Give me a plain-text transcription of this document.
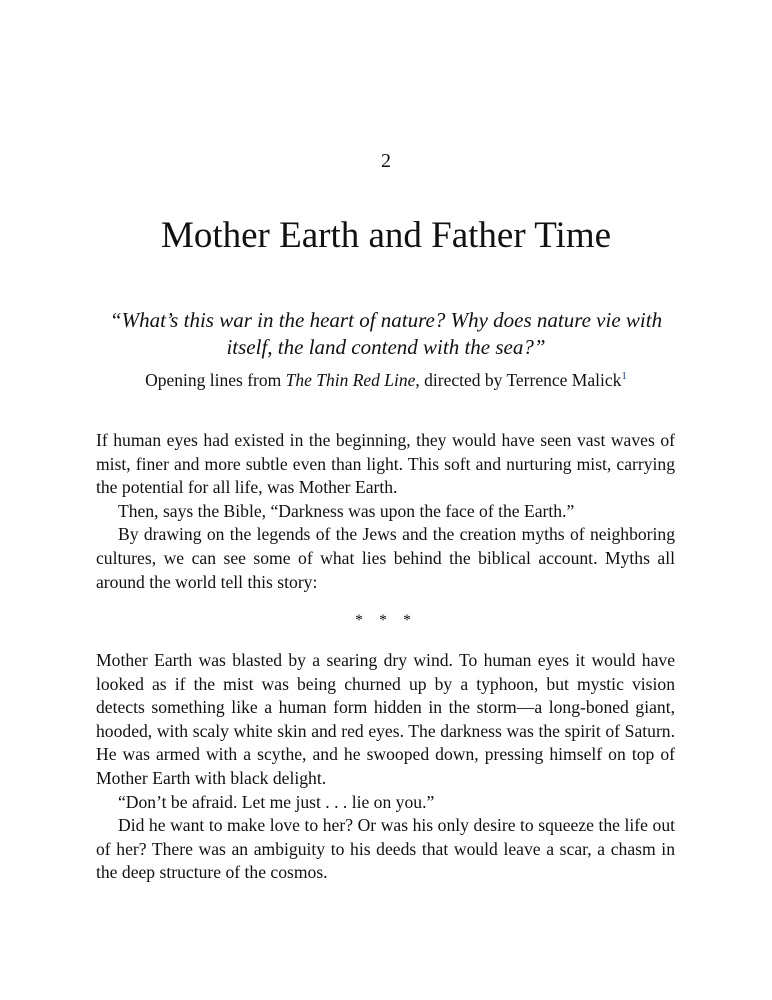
2
Mother Earth and Father Time
“What’s this war in the heart of nature? Why does nature vie with itself, the land contend with the sea?”
Opening lines from The Thin Red Line, directed by Terrence Malick$^1$

If human eyes had existed in the beginning, they would have seen vast waves of mist, finer and more subtle even than light. This soft and nurturing mist, carrying the potential for all life, was Mother Earth.

Then, says the Bible, “Darkness was upon the face of the Earth.”

By drawing on the legends of the Jews and the creation myths of neighboring cultures, we can see some of what lies behind the biblical account. Myths all around the world tell this story:

* * *

Mother Earth was blasted by a searing dry wind. To human eyes it would have looked as if the mist was being churned up by a typhoon, but mystic vision detects something like a human form hidden in the storm—a long-boned giant, hooded, with scaly white skin and red eyes. The darkness was the spirit of Saturn. He was armed with a scythe, and he swooped down, pressing himself on top of Mother Earth with black delight.

“Don’t be afraid. Let me just . . . lie on you.”

Did he want to make love to her? Or was his only desire to squeeze the life out of her? There was an ambiguity to his deeds that would leave a scar, a chasm in the deep structure of the cosmos.
